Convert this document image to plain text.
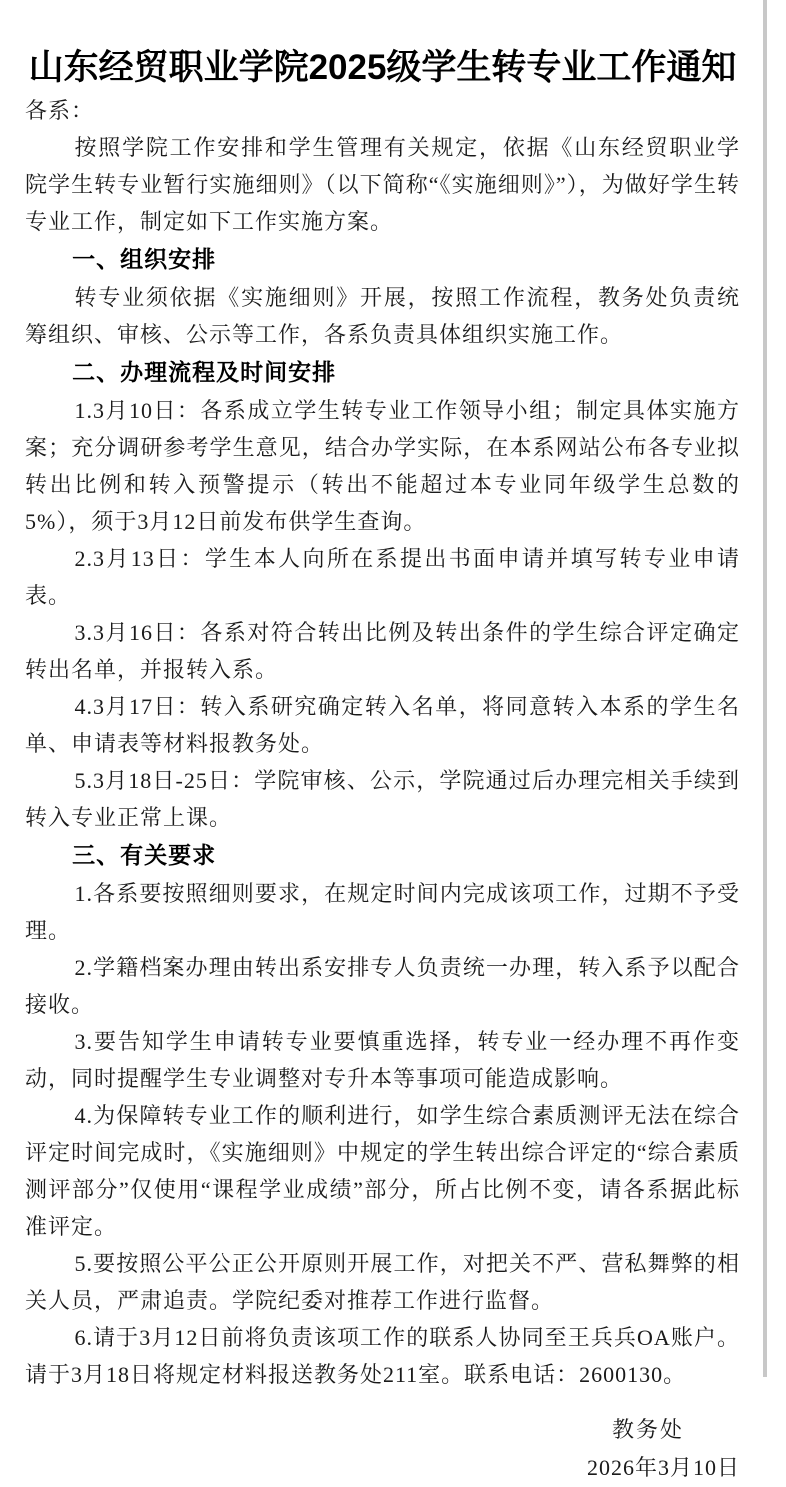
山东经贸职业学院2025级学生转专业工作通知

各系：

按照学院工作安排和学生管理有关规定，依据《山东经贸职业学院学生转专业暂行实施细则》（以下简称“《实施细则》”），为做好学生转专业工作，制定如下工作实施方案。

一、组织安排

转专业须依据《实施细则》开展，按照工作流程，教务处负责统筹组织、审核、公示等工作，各系负责具体组织实施工作。

二、办理流程及时间安排

1.3月10日：各系成立学生转专业工作领导小组；制定具体实施方案；充分调研参考学生意见，结合办学实际，在本系网站公布各专业拟转出比例和转入预警提示（转出不能超过本专业同年级学生总数的5%），须于3月12日前发布供学生查询。

2.3月13日：学生本人向所在系提出书面申请并填写转专业申请表。

3.3月16日：各系对符合转出比例及转出条件的学生综合评定确定转出名单，并报转入系。

4.3月17日：转入系研究确定转入名单，将同意转入本系的学生名单、申请表等材料报教务处。

5.3月18日-25日：学院审核、公示，学院通过后办理完相关手续到转入专业正常上课。

三、有关要求

1.各系要按照细则要求，在规定时间内完成该项工作，过期不予受理。

2.学籍档案办理由转出系安排专人负责统一办理，转入系予以配合接收。

3.要告知学生申请转专业要慎重选择，转专业一经办理不再作变动，同时提醒学生专业调整对专升本等事项可能造成影响。

4.为保障转专业工作的顺利进行，如学生综合素质测评无法在综合评定时间完成时，《实施细则》中规定的学生转出综合评定的“综合素质测评部分”仅使用“课程学业成绩”部分，所占比例不变，请各系据此标准评定。

5.要按照公平公正公开原则开展工作，对把关不严、营私舞弊的相关人员，严肃追责。学院纪委对推荐工作进行监督。

6.请于3月12日前将负责该项工作的联系人协同至王兵兵OA账户。请于3月18日将规定材料报送教务处211室。联系电话：2600130。

教务处

2026年3月10日
